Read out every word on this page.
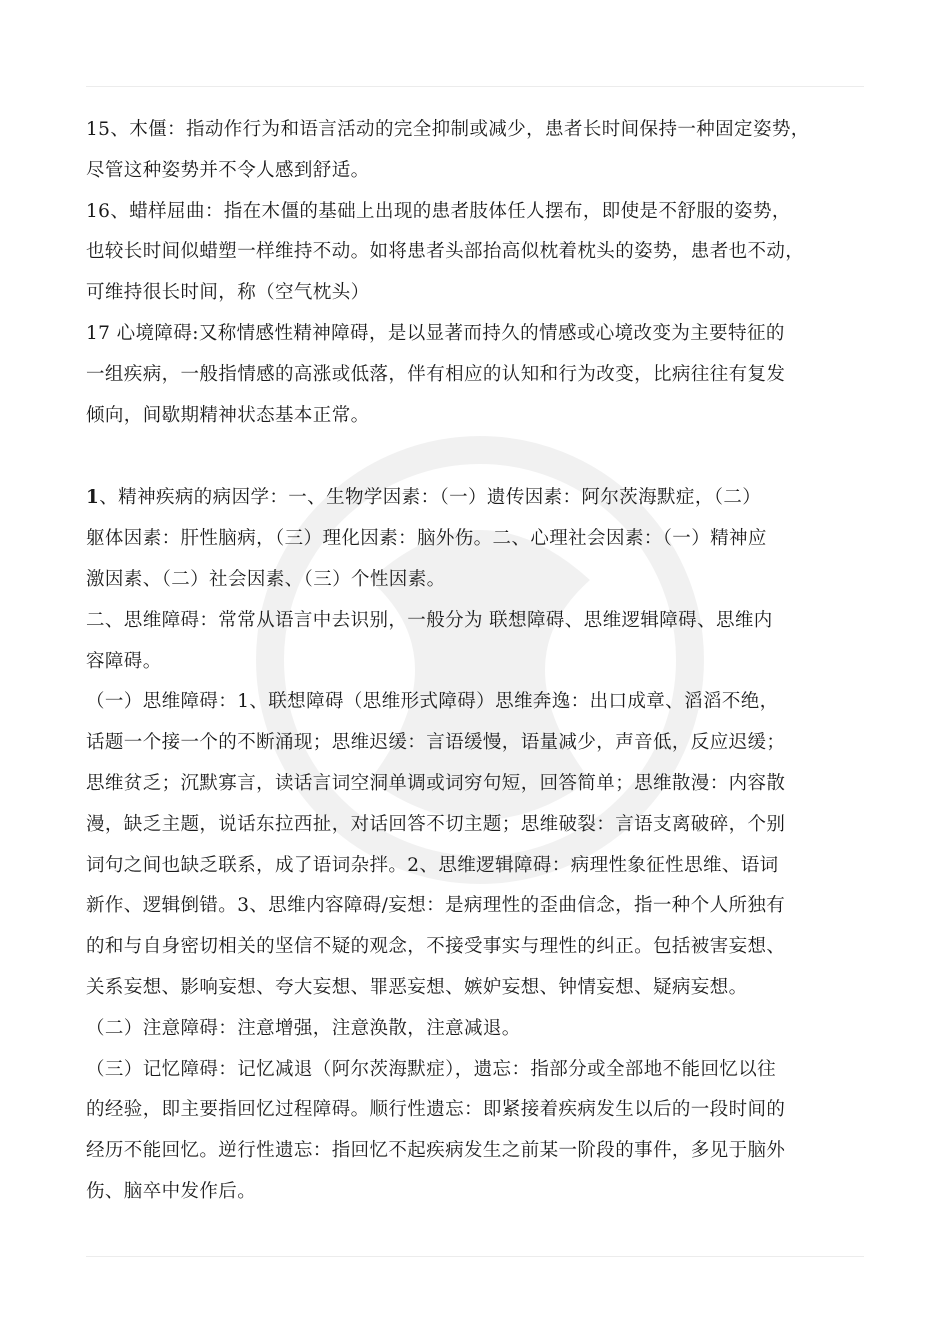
15、木僵：指动作行为和语言活动的完全抑制或减少，患者长时间保持一种固定姿势，
尽管这种姿势并不令人感到舒适。
16、蜡样屈曲：指在木僵的基础上出现的患者肢体任人摆布，即使是不舒服的姿势，
也较长时间似蜡塑一样维持不动。如将患者头部抬高似枕着枕头的姿势，患者也不动，
可维持很长时间，称（空气枕头）
17 心境障碍:又称情感性精神障碍，是以显著而持久的情感或心境改变为主要特征的
一组疾病，一般指情感的高涨或低落，伴有相应的认知和行为改变，比病往往有复发
倾向，间歇期精神状态基本正常。
1、精神疾病的病因学：一、生物学因素：（一）遗传因素：阿尔茨海默症，（二）
躯体因素：肝性脑病，（三）理化因素：脑外伤。二、心理社会因素：（一）精神应
激因素、（二）社会因素、（三）个性因素。
二、思维障碍：常常从语言中去识别，一般分为 联想障碍、思维逻辑障碍、思维内
容障碍。
（一）思维障碍：1、联想障碍（思维形式障碍）思维奔逸：出口成章、滔滔不绝，
话题一个接一个的不断涌现；思维迟缓：言语缓慢，语量减少，声音低，反应迟缓；
思维贫乏；沉默寡言，读话言词空洞单调或词穷句短，回答简单；思维散漫：内容散
漫，缺乏主题，说话东拉西扯，对话回答不切主题；思维破裂：言语支离破碎，个别
词句之间也缺乏联系，成了语词杂拌。2、思维逻辑障碍：病理性象征性思维、语词
新作、逻辑倒错。3、思维内容障碍/妄想：是病理性的歪曲信念，指一种个人所独有
的和与自身密切相关的坚信不疑的观念，不接受事实与理性的纠正。包括被害妄想、
关系妄想、影响妄想、夸大妄想、罪恶妄想、嫉妒妄想、钟情妄想、疑病妄想。
（二）注意障碍：注意增强，注意涣散，注意减退。
（三）记忆障碍：记忆减退（阿尔茨海默症），遗忘：指部分或全部地不能回忆以往
的经验，即主要指回忆过程障碍。顺行性遗忘：即紧接着疾病发生以后的一段时间的
经历不能回忆。逆行性遗忘：指回忆不起疾病发生之前某一阶段的事件，多见于脑外
伤、脑卒中发作后。
